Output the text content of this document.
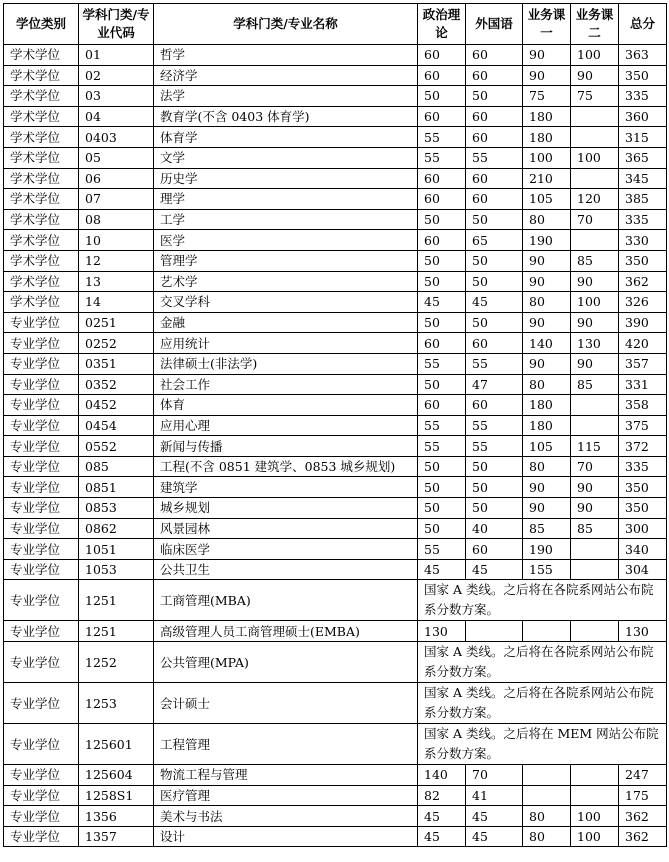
学位类别	学科门类/专业代码	学科门类/专业名称	政治理论	外国语	业务课一	业务课二	总分
学术学位	01	哲学	60	60	90	100	363
学术学位	02	经济学	60	60	90	90	350
学术学位	03	法学	50	50	75	75	335
学术学位	04	教育学(不含 0403 体育学)	60	60	180		360
学术学位	0403	体育学	55	60	180		315
学术学位	05	文学	55	55	100	100	365
学术学位	06	历史学	60	60	210		345
学术学位	07	理学	60	60	105	120	385
学术学位	08	工学	50	50	80	70	335
学术学位	10	医学	60	65	190		330
学术学位	12	管理学	50	50	90	85	350
学术学位	13	艺术学	50	50	90	90	362
学术学位	14	交叉学科	45	45	80	100	326
专业学位	0251	金融	50	50	90	90	390
专业学位	0252	应用统计	60	60	140	130	420
专业学位	0351	法律硕士(非法学)	55	55	90	90	357
专业学位	0352	社会工作	50	47	80	85	331
专业学位	0452	体育	60	60	180		358
专业学位	0454	应用心理	55	55	180		375
专业学位	0552	新闻与传播	55	55	105	115	372
专业学位	085	工程(不含 0851 建筑学、0853 城乡规划)	50	50	80	70	335
专业学位	0851	建筑学	50	50	90	90	350
专业学位	0853	城乡规划	50	50	90	90	350
专业学位	0862	风景园林	50	40	85	85	300
专业学位	1051	临床医学	55	60	190		340
专业学位	1053	公共卫生	45	45	155		304
专业学位	1251	工商管理(MBA)	国家 A 类线。之后将在各院系网站公布院系分数方案。				
专业学位	1251	高级管理人员工商管理硕士(EMBA)	130				130
专业学位	1252	公共管理(MPA)	国家 A 类线。之后将在各院系网站公布院系分数方案。				
专业学位	1253	会计硕士	国家 A 类线。之后将在各院系网站公布院系分数方案。				
专业学位	125601	工程管理	国家 A 类线。之后将在 MEM 网站公布院系分数方案。				
专业学位	125604	物流工程与管理	140	70			247
专业学位	1258S1	医疗管理	82	41			175
专业学位	1356	美术与书法	45	45	80	100	362
专业学位	1357	设计	45	45	80	100	362
